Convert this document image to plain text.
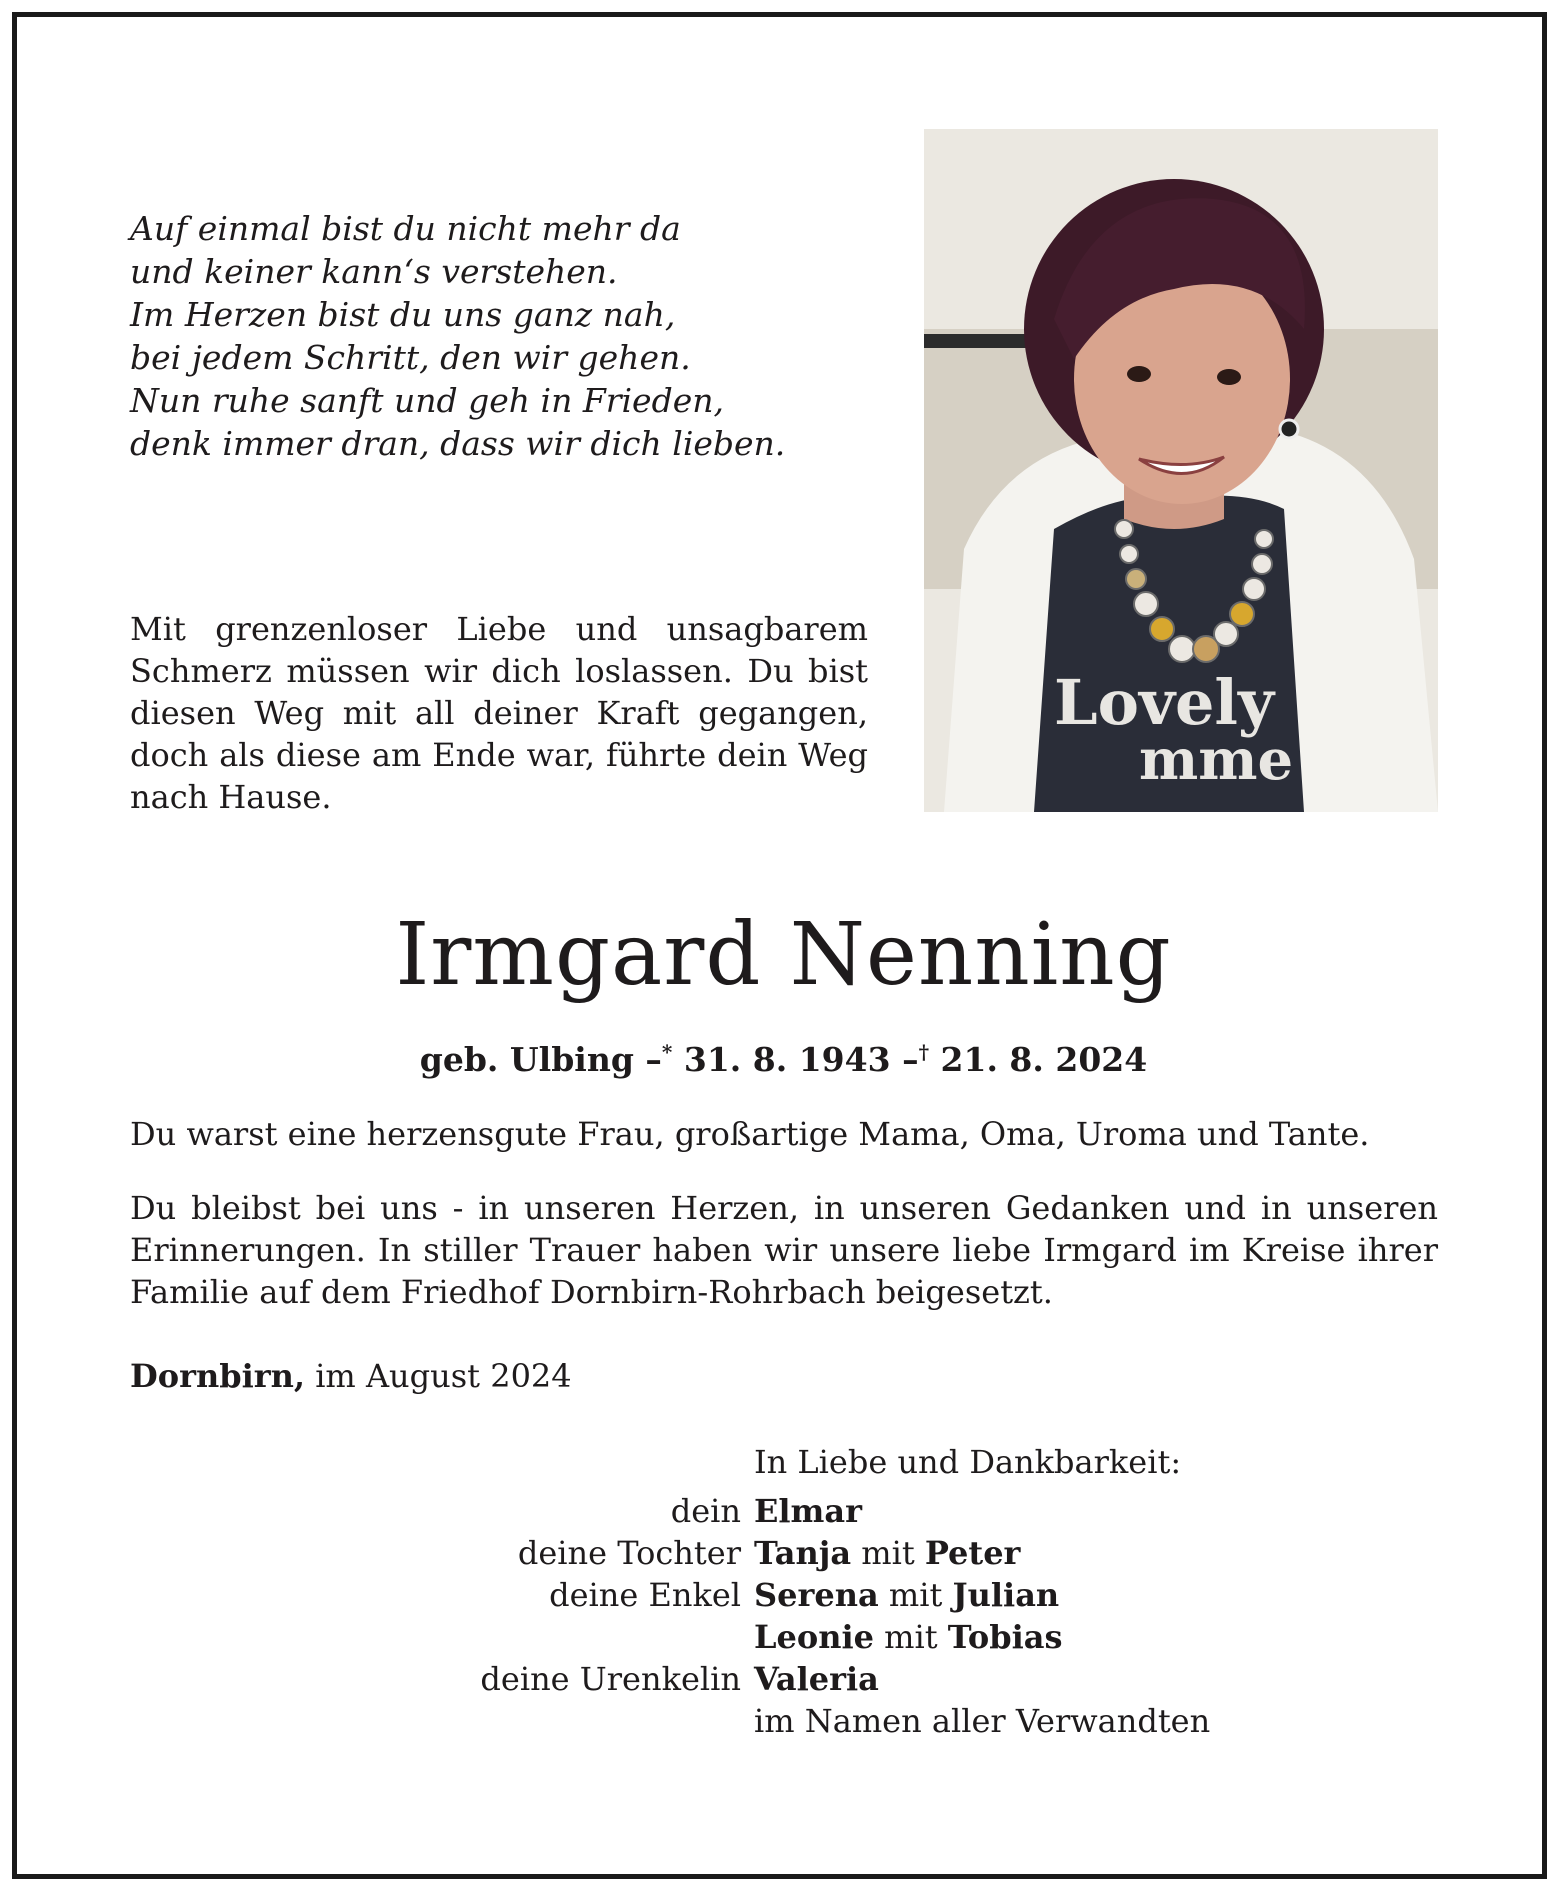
Auf einmal bist du nicht mehr da
und keiner kann‘s verstehen.
Im Herzen bist du uns ganz nah,
bei jedem Schritt, den wir gehen.
Nun ruhe sanft und geh in Frieden,
denk immer dran, dass wir dich lieben.

Mit grenzenloser Liebe und unsagbarem Schmerz müssen wir dich loslassen. Du bist diesen Weg mit all deiner Kraft gegangen, doch als diese am Ende war, führte dein Weg nach Hause.

Lovely
mme
Irmgard Nenning
geb. Ulbing –* 31. 8. 1943 –† 21. 8. 2024

Du warst eine herzensgute Frau, großartige Mama, Oma, Uroma und Tante.

Du bleibst bei uns - in unseren Herzen, in unseren Gedanken und in unseren Erinnerungen. In stiller Trauer haben wir unsere liebe Irmgard im Kreise ihrer Familie auf dem Friedhof Dornbirn-Rohrbach beigesetzt.

Dornbirn, im August 2024
In Liebe und Dankbarkeit:
dein Elmar
deine Tochter Tanja mit Peter
deine Enkel Serena mit Julian
Leonie mit Tobias
deine Urenkelin Valeria
im Namen aller Verwandten
